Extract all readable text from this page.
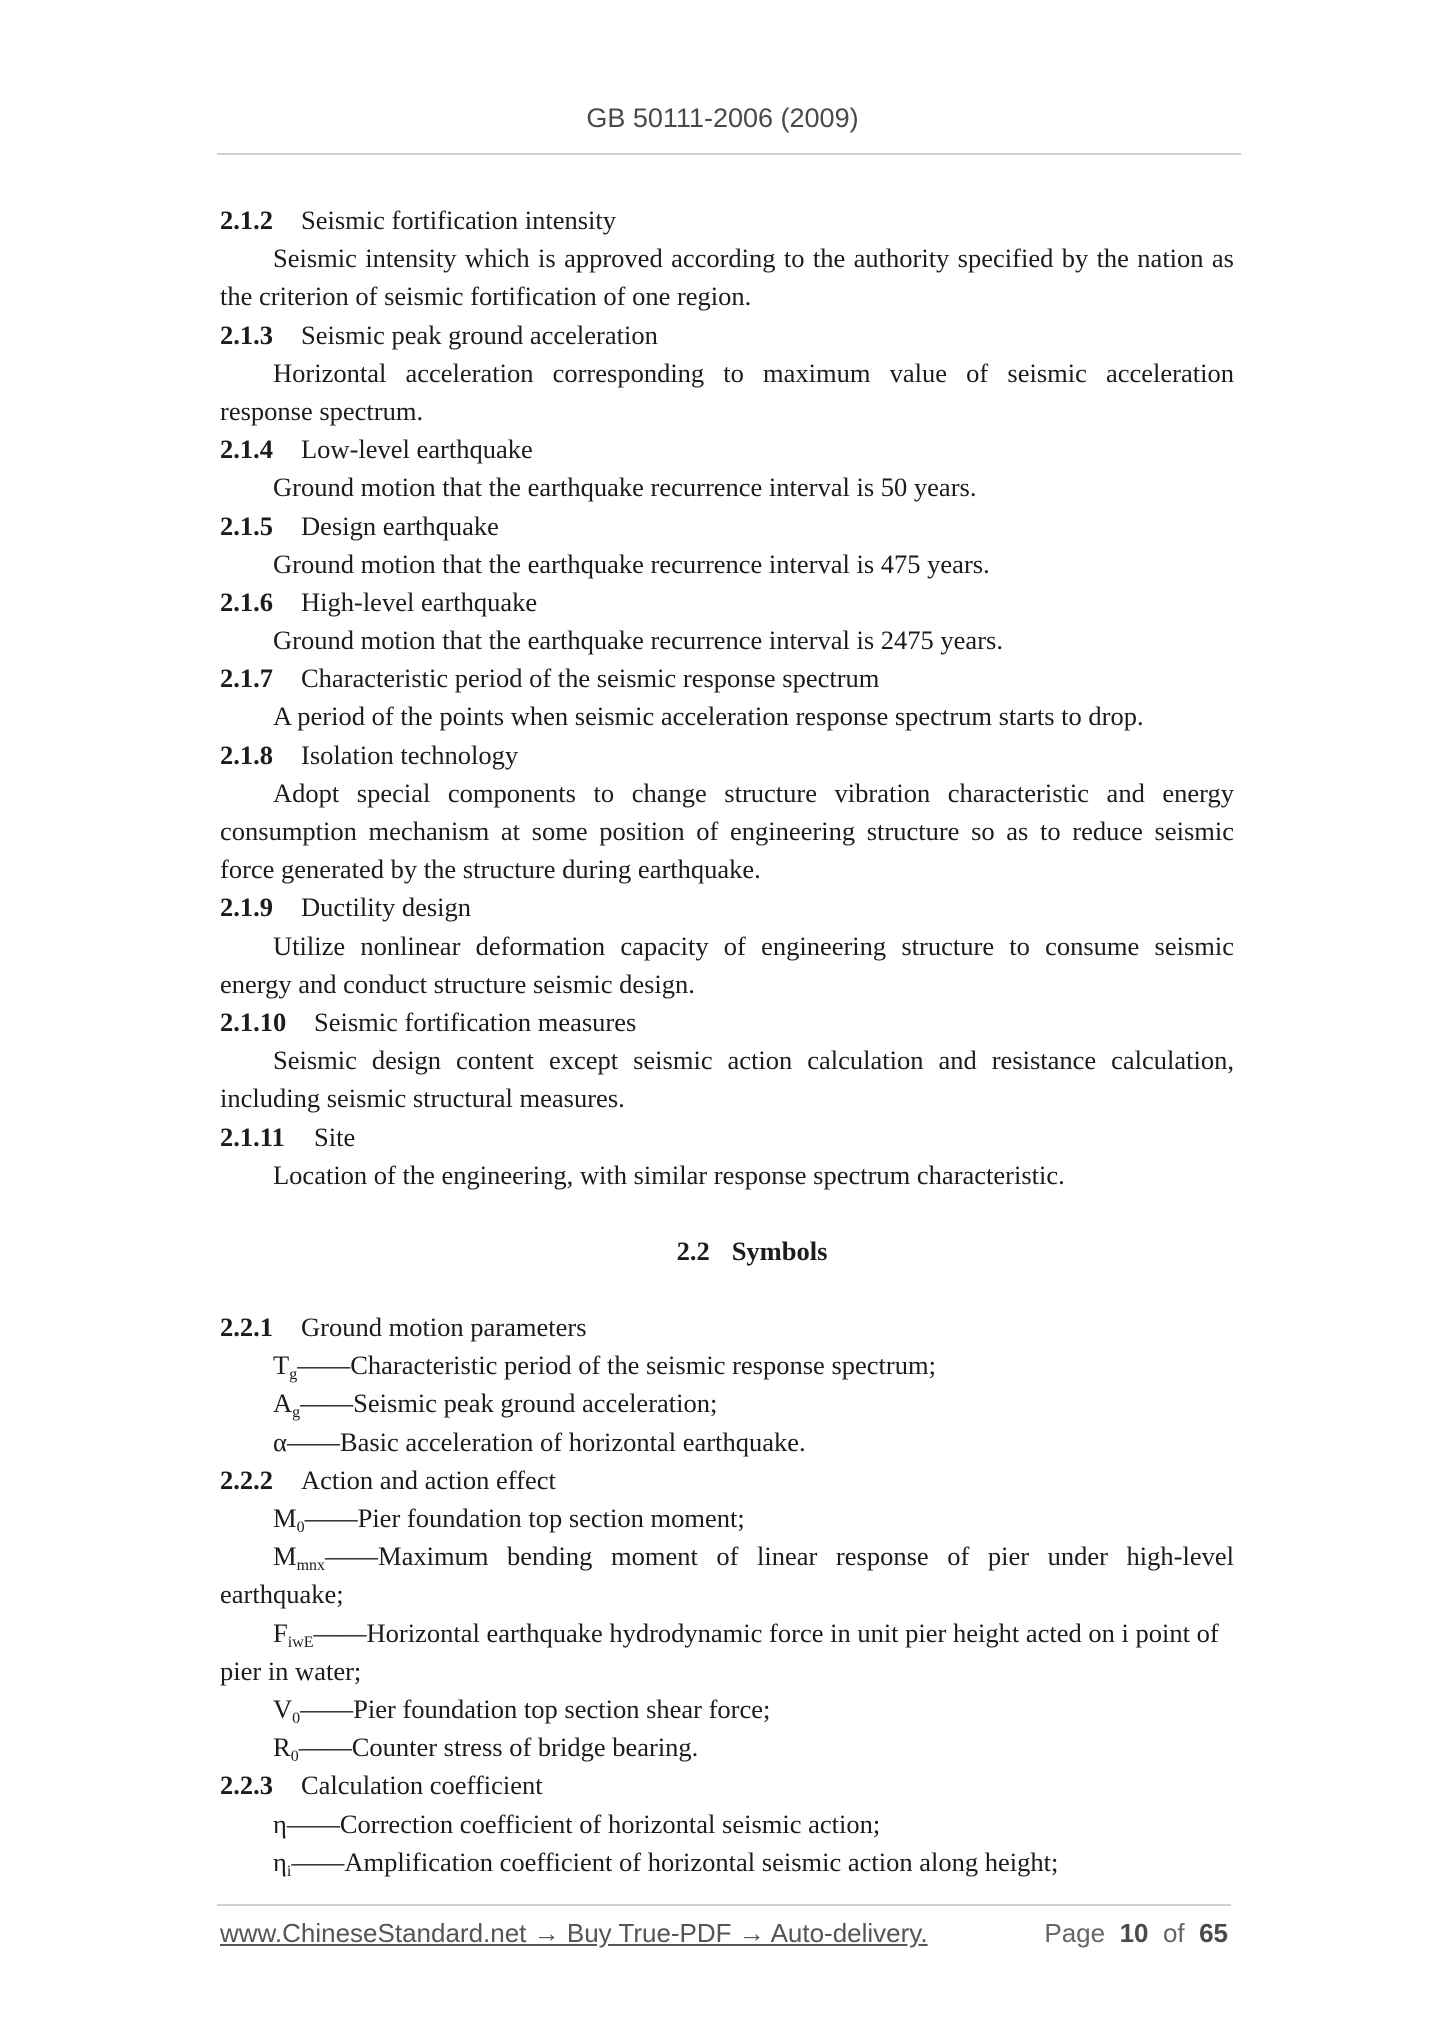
GB 50111-2006 (2009)
2.1.2 Seismic fortification intensity
Seismic intensity which is approved according to the authority specified by the nation as
the criterion of seismic fortification of one region.
2.1.3 Seismic peak ground acceleration
Horizontal acceleration corresponding to maximum value of seismic acceleration
response spectrum.
2.1.4 Low-level earthquake
Ground motion that the earthquake recurrence interval is 50 years.
2.1.5 Design earthquake
Ground motion that the earthquake recurrence interval is 475 years.
2.1.6 High-level earthquake
Ground motion that the earthquake recurrence interval is 2475 years.
2.1.7 Characteristic period of the seismic response spectrum
A period of the points when seismic acceleration response spectrum starts to drop.
2.1.8 Isolation technology
Adopt special components to change structure vibration characteristic and energy
consumption mechanism at some position of engineering structure so as to reduce seismic
force generated by the structure during earthquake.
2.1.9 Ductility design
Utilize nonlinear deformation capacity of engineering structure to consume seismic
energy and conduct structure seismic design.
2.1.10 Seismic fortification measures
Seismic design content except seismic action calculation and resistance calculation,
including seismic structural measures.
2.1.11 Site
Location of the engineering, with similar response spectrum characteristic.
2.2 Symbols
2.2.1 Ground motion parameters
$T_g——Characteristic$ period of the seismic response spectrum;
$A_g——Seismic$ peak ground acceleration;
α——Basic acceleration of horizontal earthquake.
2.2.2 Action and action effect
$M_0——Pier$ foundation top section moment;
$M_{mnx}——Maximum$ bending moment of linear response of pier under high-level
earthquake;
$F_{iwE}——Horizontal$ earthquake hydrodynamic force in unit pier height acted on i point of
pier in water;
$V_0——Pier$ foundation top section shear force;
$R_0——Counter$ stress of bridge bearing.
2.2.3 Calculation coefficient
η——Correction coefficient of horizontal seismic action;
$\eta_i——Amplification$ coefficient of horizontal seismic action along height;
www.ChineseStandard.net → Buy True-PDF → Auto-delivery.	Page 10 of 65
